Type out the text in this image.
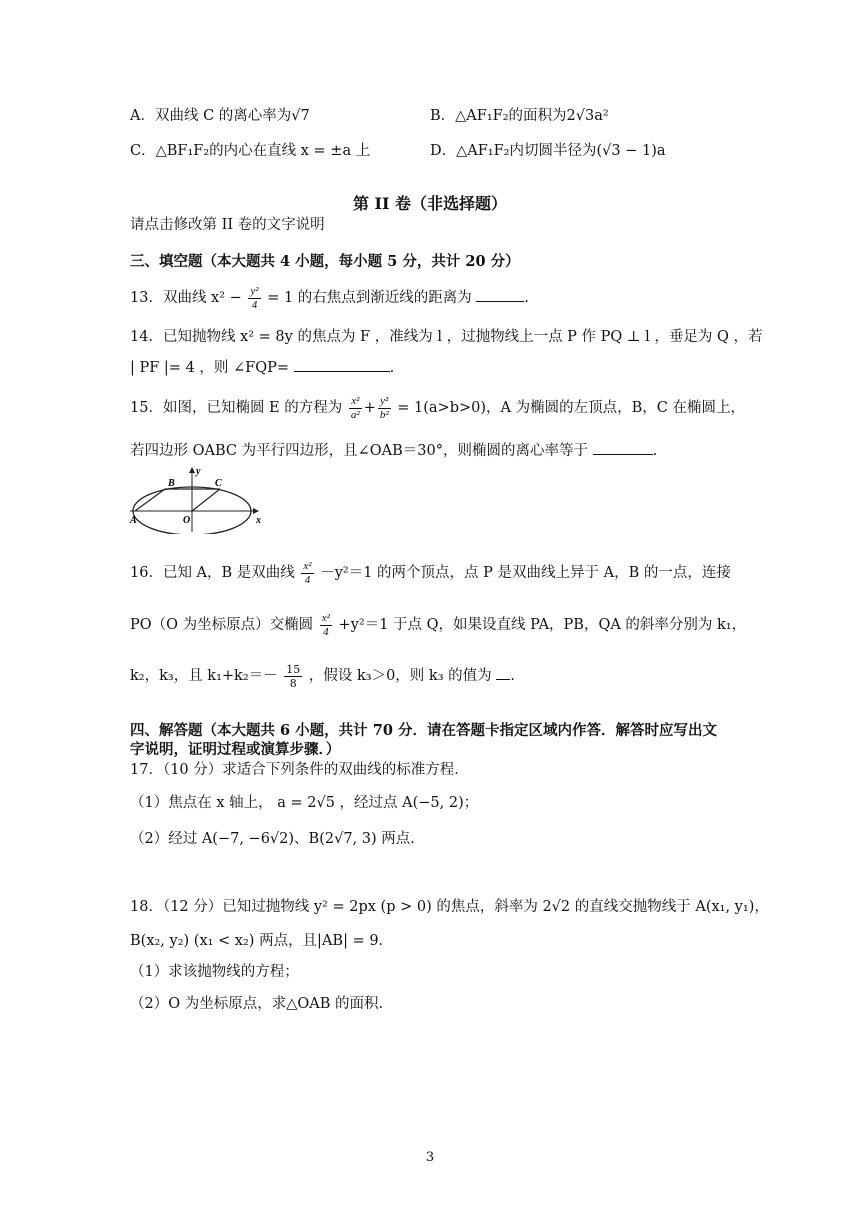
A．双曲线 C 的离心率为√7	B．△AF₁F₂的面积为2√3a²
C．△BF₁F₂的内心在直线 x = ±a 上	D．△AF₁F₂内切圆半径为(√3 − 1)a
第 II 卷（非选择题）
请点击修改第 II 卷的文字说明
三、填空题（本大题共 4 小题，每小题 5 分，共计 20 分）
13．双曲线 $x^2 - \frac{\text{y²}}{4} = 1$ 的右焦点到渐近线的距离为	.
14．已知抛物线 x² = 8y 的焦点为 F ，准线为 l ，过抛物线上一点 P 作 PQ ⊥ l ，垂足为 Q ，若
| PF |= 4 ，则 ∠FQP=	.
15．如图，已知椭圆 E 的方程为 $\frac{\text{x²}}{\text{a²}} + \frac{\text{y²}}{\text{b²}} = 1(a>b>0)$，A 为椭圆的左顶点，B，C 在椭圆上，
若四边形 OABC 为平行四边形，且∠OAB＝30°，则椭圆的离心率等于	.
y
B	C
A	O	x
16．已知 A，B 是双曲线 $\frac{\text{x²}}{4} -y^2=1$ 的两个顶点，点 P 是双曲线上异于 A，B 的一点，连接
PO（O 为坐标原点）交椭圆 $\frac{\text{x²}}{4} +y^2=1$ 于点 Q，如果设直线 PA，PB，QA 的斜率分别为 k₁，
k₂，k₃，且 $k_1+k_2=- \frac{15}{8}$ ，假设 k₃＞0，则 k₃ 的值为 .
四、解答题（本大题共 6 小题，共计 70 分．请在答题卡指定区域内作答．解答时应写出文
字说明，证明过程或演算步骤．）
17．（10 分）求适合下列条件的双曲线的标准方程．
（1）焦点在 x 轴上， a = 2√5 ，经过点 A(−5, 2)；
（2）经过 A(−7, −6√2)、B(2√7, 3) 两点.
18．（12 分）已知过抛物线 y² = 2px (p > 0) 的焦点，斜率为 2√2 的直线交抛物线于 A(x₁, y₁)，
B(x₂, y₂) (x₁ < x₂) 两点，且|AB| = 9．
（1）求该抛物线的方程；
（2）O 为坐标原点，求△OAB 的面积.
3
